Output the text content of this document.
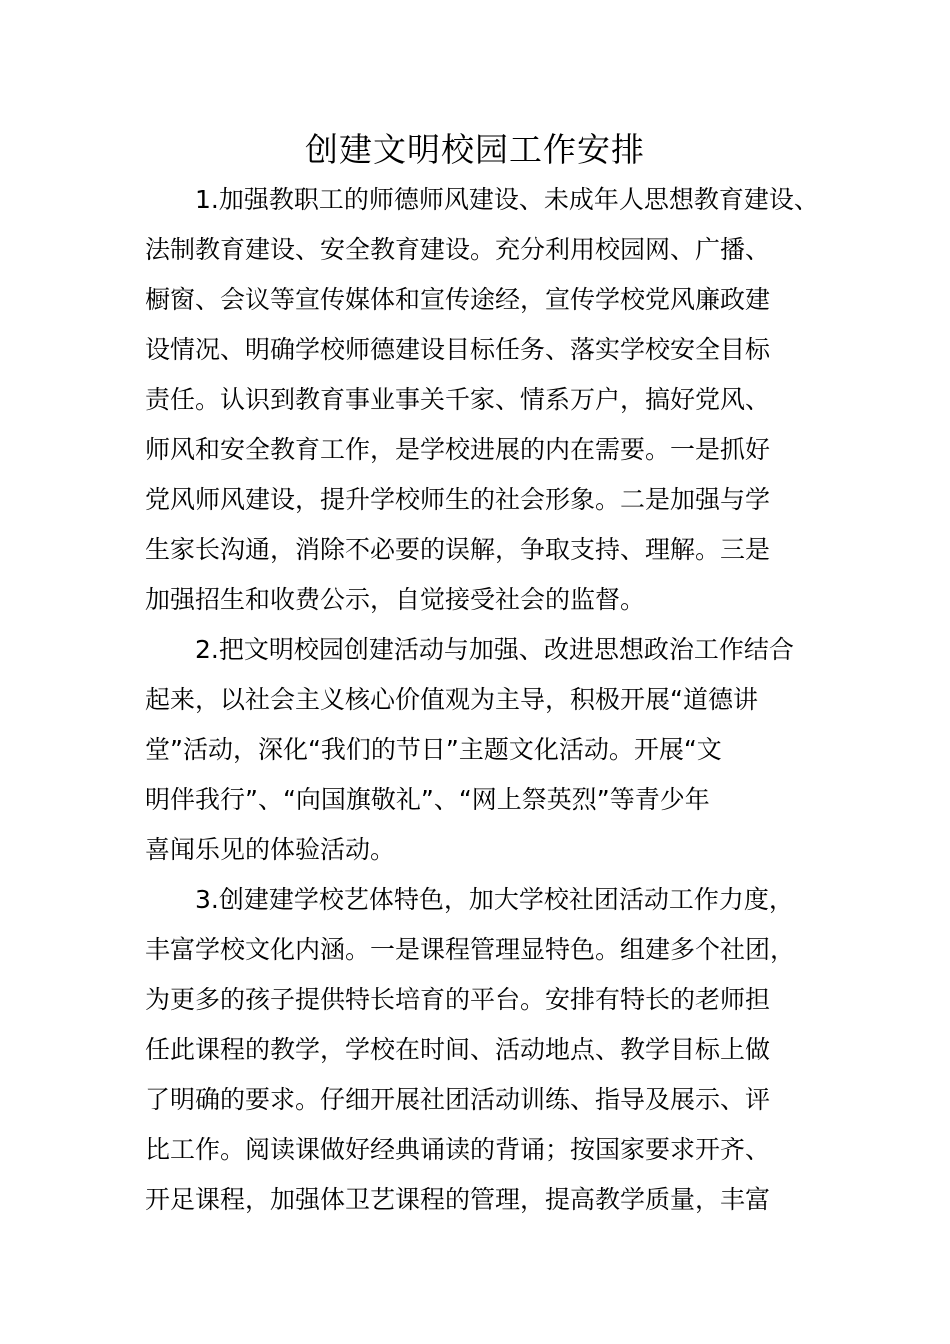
创建文明校园工作安排
1.加强教职工的师德师风建设、未成年人思想教育建设、
法制教育建设、安全教育建设。充分利用校园网、广播、
橱窗、会议等宣传媒体和宣传途经，宣传学校党风廉政建
设情况、明确学校师德建设目标任务、落实学校安全目标
责任。认识到教育事业事关千家、情系万户，搞好党风、
师风和安全教育工作，是学校进展的内在需要。一是抓好
党风师风建设，提升学校师生的社会形象。二是加强与学
生家长沟通，消除不必要的误解，争取支持、理解。三是
加强招生和收费公示，自觉接受社会的监督。
2.把文明校园创建活动与加强、改进思想政治工作结合
起来，以社会主义核心价值观为主导，积极开展“道德讲
堂”活动，深化“我们的节日”主题文化活动。开展“文
明伴我行”、“向国旗敬礼”、“网上祭英烈”等青少年
喜闻乐见的体验活动。
3.创建建学校艺体特色，加大学校社团活动工作力度，
丰富学校文化内涵。一是课程管理显特色。组建多个社团，
为更多的孩子提供特长培育的平台。安排有特长的老师担
任此课程的教学，学校在时间、活动地点、教学目标上做
了明确的要求。仔细开展社团活动训练、指导及展示、评
比工作。阅读课做好经典诵读的背诵；按国家要求开齐、
开足课程，加强体卫艺课程的管理，提高教学质量，丰富
